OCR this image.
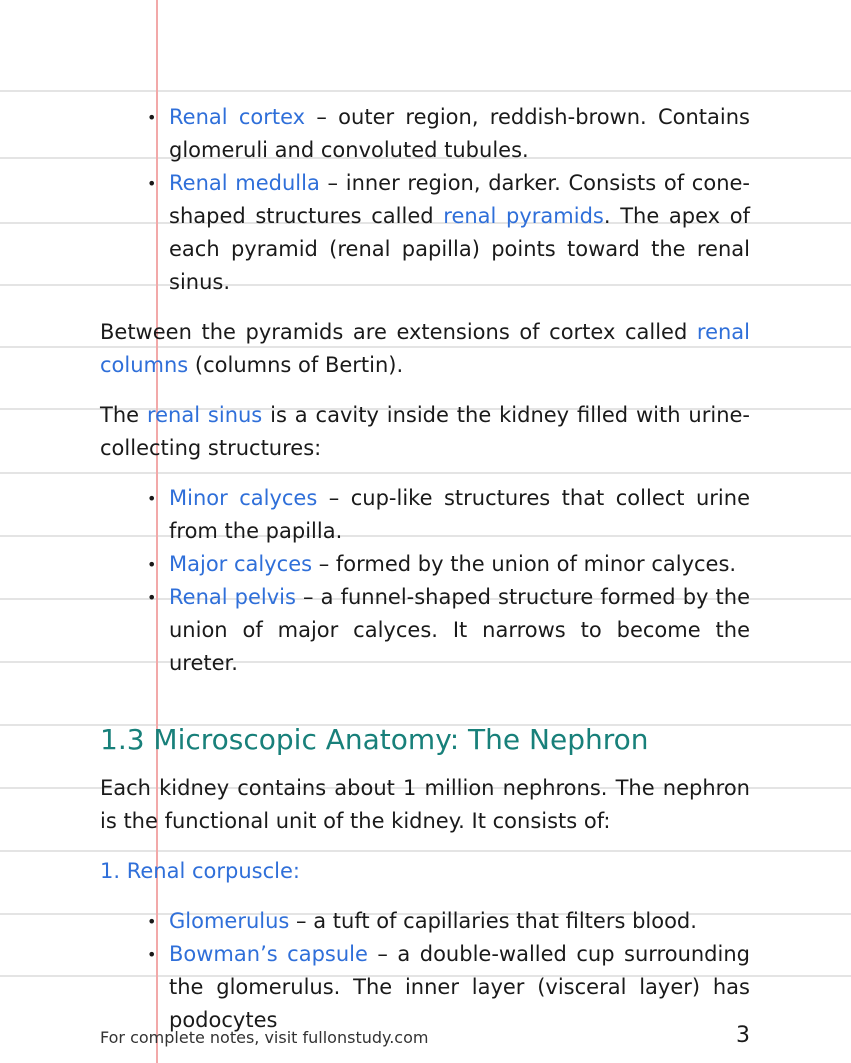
• Renal cortex – outer region, reddish-brown. Contains glomeruli and convoluted tubules.
• Renal medulla – inner region, darker. Consists of cone-shaped structures called renal pyramids. The apex of each pyramid (renal papilla) points toward the renal sinus.

Between the pyramids are extensions of cortex called renal columns (columns of Bertin).

The renal sinus is a cavity inside the kidney filled with urine-collecting structures:

• Minor calyces – cup-like structures that collect urine from the papilla.
• Major calyces – formed by the union of minor calyces.
• Renal pelvis – a funnel-shaped structure formed by the union of major calyces. It narrows to become the ureter.
1.3 Microscopic Anatomy: The Nephron

Each kidney contains about 1 million nephrons. The nephron is the functional unit of the kidney. It consists of:

1. Renal corpuscle:
• Glomerulus – a tuft of capillaries that filters blood.
• Bowman’s capsule – a double-walled cup surrounding the glomerulus. The inner layer (visceral layer) has podocytes
For complete notes, visit fullonstudy.com	3
